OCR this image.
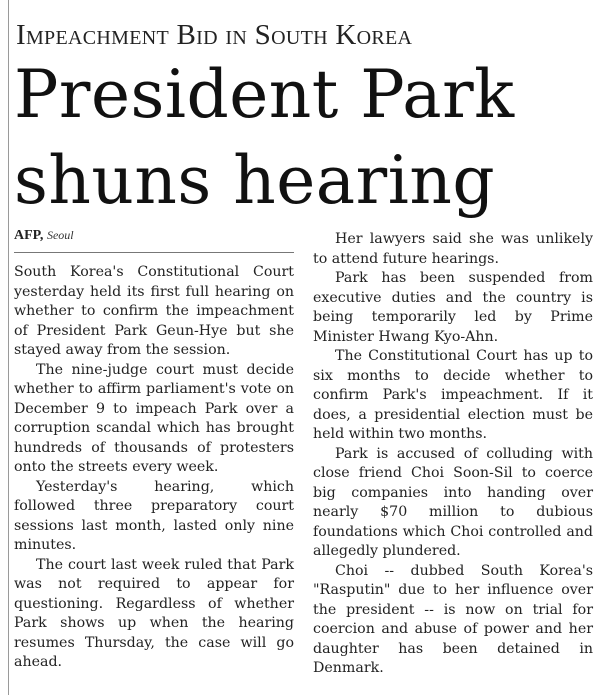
Impeachment Bid in South Korea
President Park
shuns hearing
AFP, Seoul

South Korea's Constitutional Court yesterday held its first full hearing on whether to confirm the impeachment of President Park Geun-Hye but she stayed away from the session.

The nine-judge court must decide whether to affirm parliament's vote on December 9 to impeach Park over a corruption scandal which has brought hundreds of thousands of protesters onto the streets every week.

Yesterday's hearing, which followed three preparatory court sessions last month, lasted only nine minutes.

The court last week ruled that Park was not required to appear for questioning. Regardless of whether Park shows up when the hearing resumes Thursday, the case will go ahead.

Her lawyers said she was unlikely to attend future hearings.

Park has been suspended from executive duties and the country is being temporarily led by Prime Minister Hwang Kyo-Ahn.

The Constitutional Court has up to six months to decide whether to confirm Park's impeachment. If it does, a presidential election must be held within two months.

Park is accused of colluding with close friend Choi Soon-Sil to coerce big companies into handing over nearly $70 million to dubious foundations which Choi controlled and allegedly plundered.

Choi -- dubbed South Korea's "Rasputin" due to her influence over the president -- is now on trial for coercion and abuse of power and her daughter has been detained in Denmark.
